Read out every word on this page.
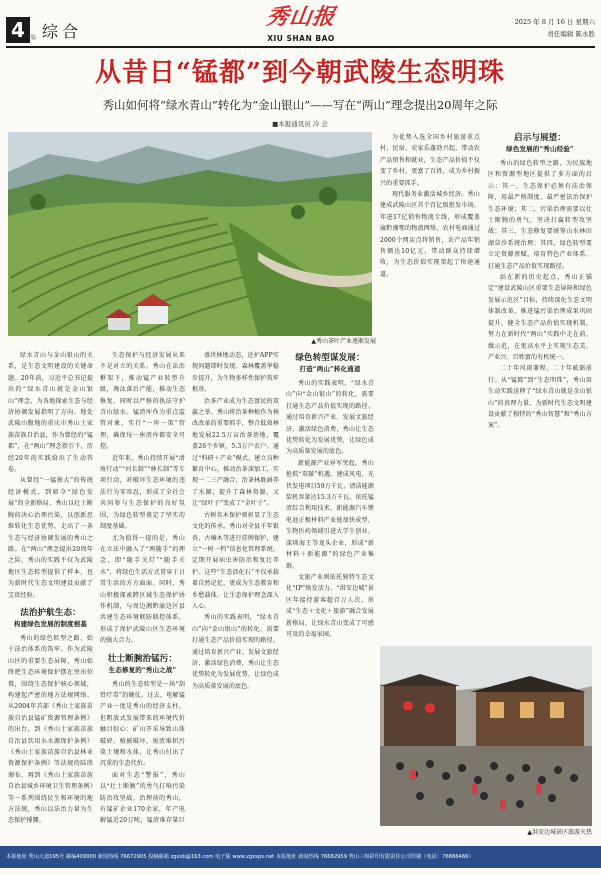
4	版 综合
秀山报
XIU SHAN BAO
2025 年 8 月 16 日 星期六
责任编辑 陈永胜
从昔日“锰都”到今朝武陵生态明珠
秀山如何将“绿水青山”转化为“金山银山”——写在“两山”理念提出20周年之际
■本报通讯员 冷 会
▲秀山茶叶产业逐渐发展

绿水青山与金山银山的关系，是生态文明建设的关键命题。20年前，习近平总书记提出的“绿水青山就是金山银山”理念，为各地探索生态与经济协调发展指明了方向。地处武陵山腹地的重庆市秀山土家族苗族自治县，作为曾经的“锰都”，在“两山”理念指引下，历经20年的实践给出了生动答卷。

从曾经“一锰独大”的传统经济模式，到如今“绿色发展”的全新格局，秀山以壮士断腕的决心治理污染，以创新思维转化生态优势，走出了一条生态与经济协调发展的秀山之路。在“两山”理念提出20周年之际，秀山的实践不仅为武陵地区生态转型提供了样本，也为新时代生态文明建设贡献了宝贵经验。

法治护航生态：
构建绿色发展的制度根基

秀山的绿色转型之路，始于法治体系的筑牢。作为武陵山区的重要生态屏障，秀山始终把生态环境保护摆在突出位置，围绕生态保护核心领域，构建起严密的地方法规网络。从2004年首部《秀山土家族苗族自治县锰矿资源管理条例》的出台，到《秀山土家族苗族自治县饮用水水源保护条例》《秀山土家族苗族自治县林业资源保护条例》等法规的陆续颁布，再到《秀山土家族苗族自治县城乡环境卫生管理条例》等一系列围绕民生和环境的地方法规，秀山以法治力量为生态保护撑腰。

生态保护与经济发展从来不是对立的关系。秀山在法治框架下，推动锰产业转型升级，淘汰落后产能，推动生态修复，同时以严格的执法守护青山绿水。锰渣库作为重点监管对象，实行“一库一策”管理，确保每一座渣库都安全可控。

近年来，秀山持续开展“清废行动”“河长制”“林长制”等专项行动，对破坏生态环境的违法行为零容忍，形成了全社会共同参与生态保护的良好氛围，为绿色转型奠定了坚实的制度基础。

尤为值得一提的是，秀山在立法中融入了“两随手”的理念，即“随手关灯”“随手关水”，将绿色生活方式贯穿于日常生活的方方面面。同时，秀山积极探索跨区域生态保护协作机制，与周边湘黔渝边区县共建生态环境联防联控体系，形成了保护武陵山区生态环境的强大合力。

壮士断腕治锰污：
生态修复的“秀山之战”

秀山的生态转型是一场“刮骨疗毒”的硬仗。过去，电解锰产业一度是秀山的经济支柱，但粗放式发展带来的环境代价触目惊心：矿山开采导致山体破碎、植被破坏，废渣堆积污染土壤和水体，让秀山付出了沉重的生态代价。

面对生态“警报”，秀山以“壮士断腕”的勇气打响污染防治攻坚战。治理前的秀山，有锰矿企业170余家，年产电解锰近20万吨，锰渣堆存量巨

盛世林地动态，还护APP实现问题即时发现。森林覆盖率稳步提升，为生物多样性保护筑牢根基。

治茶产业成为生态富民的双赢之举。秀山将治茶种植作为林改改革的重要抓手，整合低效林地发展22.5万亩治茶基地，覆盖26个乡镇、5.3万户农户。通过“科研＋产业”模式，建立良种繁育中心，推动治茶深加工，实现一二三产融合，治茶林既涵养了水源，提升了森林资源，又让“绿叶子”变成了“金叶子”。

古树名木保护则彰显了生态文化的传承。秀山对全县千年银杏、古楠木等进行挂牌保护，建立“一树一档”信息化管理系统，定期开展病虫害防治和复壮养护。这些“生态活化石”不仅承载着自然记忆，更成为生态教育和乡愁载体，让生态保护理念深入人心。

秀山的实践表明，“绿水青山”向“金山银山”的转化，需要打通生态产品价值实现的路径。通过培育新兴产业、发展文旅经济、激活绿色消费，秀山让生态优势转化为发展优势，让绿色成为高质量发展的底色。

绿色转型谋发展：
打造“两山”转化通道

秀山的实践表明，“绿水青山”向“金山银山”的转化，需要打通生态产品价值实现的路径。通过培育新兴产业、发展文旅经济、激活绿色消费，秀山让生态优势转化为发展优势，让绿色成为高质量发展的底色。

新能源产业异军突起。秀山抢抓“双碳”机遇，建成风电、光伏发电项目59万千瓦，清洁能源装机容量达15.3万千瓦。依托锰渣综合利用技术，新能源汽车锂电池正极材料产业链加快成型，生物医药领域引进大学生创业，深圳海王等龙头企业，形成“新材料＋新能源”的绿色产业集群。

文旅产业则依托独特生态文化“IP”焕发活力。“洪安边城”景区年接待游客超百万人次，形成“生态＋文化＋旅游”融合发展新格局，让绿水青山变成了可感可及的幸福家园。

为优势入选全国乡村旅游重点村，民宿、农家乐蓬勃兴起，带动农产品销售和就业，生态产品价值不仅变了乡村，更富了百姓，成为乡村振兴的重要抓手。

现代服务业激活城乡经济。秀山建成武陵山区首个百亿级批发市场，年进17亿销售物流专线，形成覆盖渝黔湘鄂的物流网络。农村电商通过2000个网店点将销售，农产品年销售额达10亿元，带动群众持续增收，为生态价值实现架起了快速通道。

启示与展望：
绿色发展的“秀山经验”

秀山的绿色转型之路，为民族地区和资源型地区提供了多方面的启示：其一，生态保护必须有法治保障，用最严格制度、最严密法治保护生态环境；其二，污染治理需要以壮士断腕的勇气，坚决打赢转型攻坚战；其三，生态修复要统筹山水林田湖草沙系统治理；其四，绿色转型要立足资源禀赋，培育特色产业体系，打通生态产品价值实现路径。

站在新的历史起点，秀山正锚定“建设武陵山区重要生态屏障和绿色发展示范区”目标，持续深化生态文明体制改革，推进锰污染治理成果巩固提升，健全生态产品价值实现机制，努力在新时代“两山”实践中走在前、做示范，在更高水平上实现生态美、产业兴、百姓富的有机统一。

二十年风雨兼程，二十年砥砺前行。从“锰都”到“生态明珠”，秀山用生动实践诠释了“绿水青山就是金山银山”的真理力量，为新时代生态文明建设贡献了独特的“秀山智慧”和“秀山方案”。

▲洪安边城景区旅游火热
本报地址 秀山大道195号 邮编409900 新闻热线 76672905 投稿邮箱 zgxsb@163.com 电子版 www.zgxsps.net 本报地址 新闻热线 76682959 秀山三和彩印有限责任公司印刷（电话：76866466）
